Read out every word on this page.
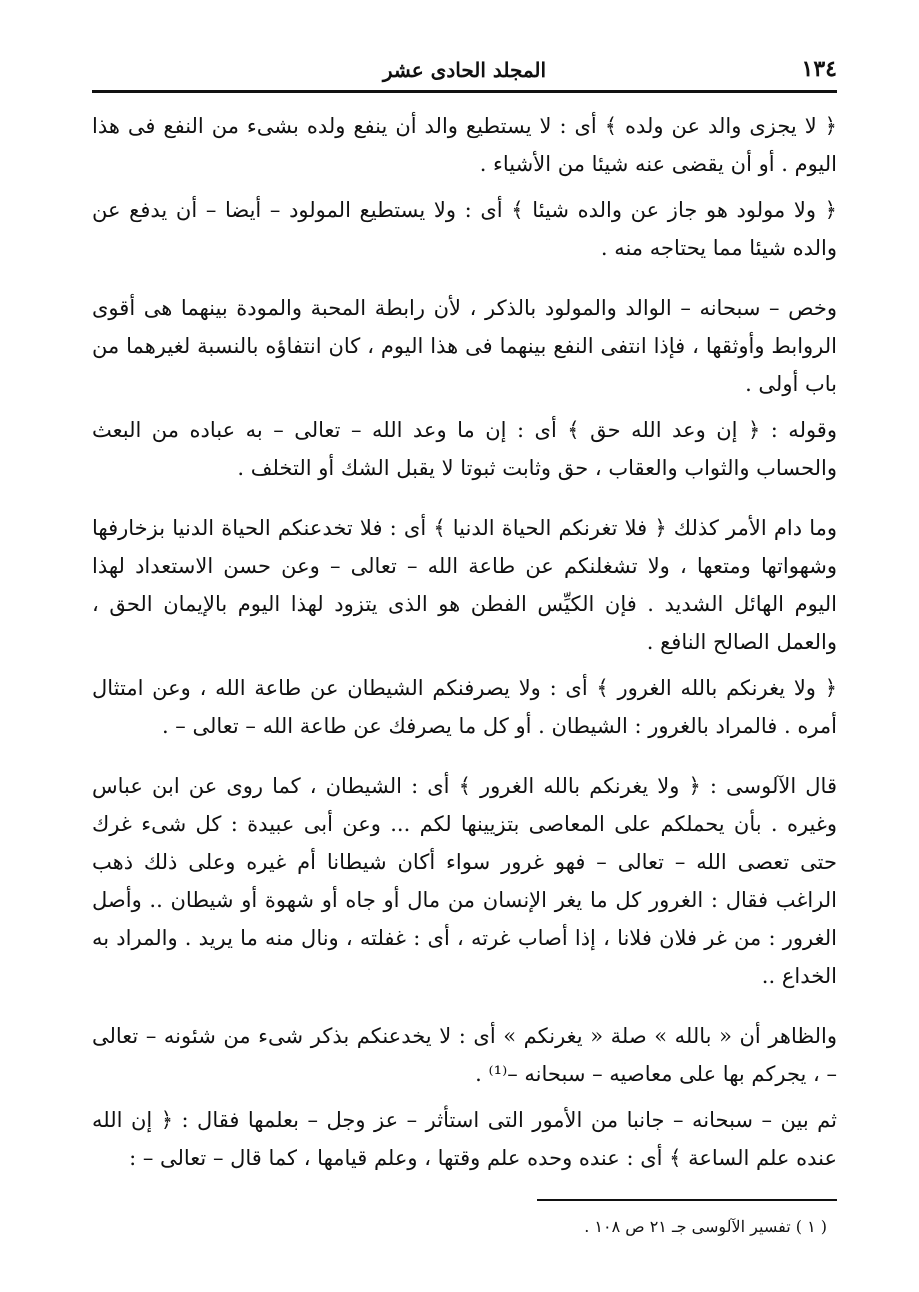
١٣٤
المجلد الحادى عشر

﴿ لا يجزى والد عن ولده ﴾ أى : لا يستطيع والد أن ينفع ولده بشىء من النفع فى هذا اليوم . أو أن يقضى عنه شيئا من الأشياء .

﴿ ولا مولود هو جاز عن والده شيئا ﴾ أى : ولا يستطيع المولود – أيضا – أن يدفع عن والده شيئا مما يحتاجه منه .

وخص – سبحانه – الوالد والمولود بالذكر ، لأن رابطة المحبة والمودة بينهما هى أقوى الروابط وأوثقها ، فإذا انتفى النفع بينهما فى هذا اليوم ، كان انتفاؤه بالنسبة لغيرهما من باب أولى .

وقوله : ﴿ إن وعد الله حق ﴾ أى : إن ما وعد الله – تعالى – به عباده من البعث والحساب والثواب والعقاب ، حق وثابت ثبوتا لا يقبل الشك أو التخلف .

وما دام الأمر كذلك ﴿ فلا تغرنكم الحياة الدنيا ﴾ أى : فلا تخدعنكم الحياة الدنيا بزخارفها وشهواتها ومتعها ، ولا تشغلنكم عن طاعة الله – تعالى – وعن حسن الاستعداد لهذا اليوم الهائل الشديد . فإن الكيِّس الفطن هو الذى يتزود لهذا اليوم بالإيمان الحق ، والعمل الصالح النافع .

﴿ ولا يغرنكم بالله الغرور ﴾ أى : ولا يصرفنكم الشيطان عن طاعة الله ، وعن امتثال أمره . فالمراد بالغرور : الشيطان . أو كل ما يصرفك عن طاعة الله – تعالى – .

قال الآلوسى : ﴿ ولا يغرنكم بالله الغرور ﴾ أى : الشيطان ، كما روى عن ابن عباس وغيره . بأن يحملكم على المعاصى بتزيينها لكم ... وعن أبى عبيدة : كل شىء غرك حتى تعصى الله – تعالى – فهو غرور سواء أكان شيطانا أم غيره وعلى ذلك ذهب الراغب فقال : الغرور كل ما يغر الإنسان من مال أو جاه أو شهوة أو شيطان .. وأصل الغرور : من غر فلان فلانا ، إذا أصاب غرته ، أى : غفلته ، ونال منه ما يريد . والمراد به الخداع ..

والظاهر أن « بالله » صلة « يغرنكم » أى : لا يخدعنكم بذكر شىء من شئونه – تعالى – ، يجركم بها على معاصيه – سبحانه –⁽¹⁾ .

ثم بين – سبحانه – جانبا من الأمور التى استأثر – عز وجل – بعلمها فقال : ﴿ إن الله عنده علم الساعة ﴾ أى : عنده وحده علم وقتها ، وعلم قيامها ، كما قال – تعالى – :

( ١ ) تفسير الآلوسى جـ ٢١ ص ١٠٨ .
